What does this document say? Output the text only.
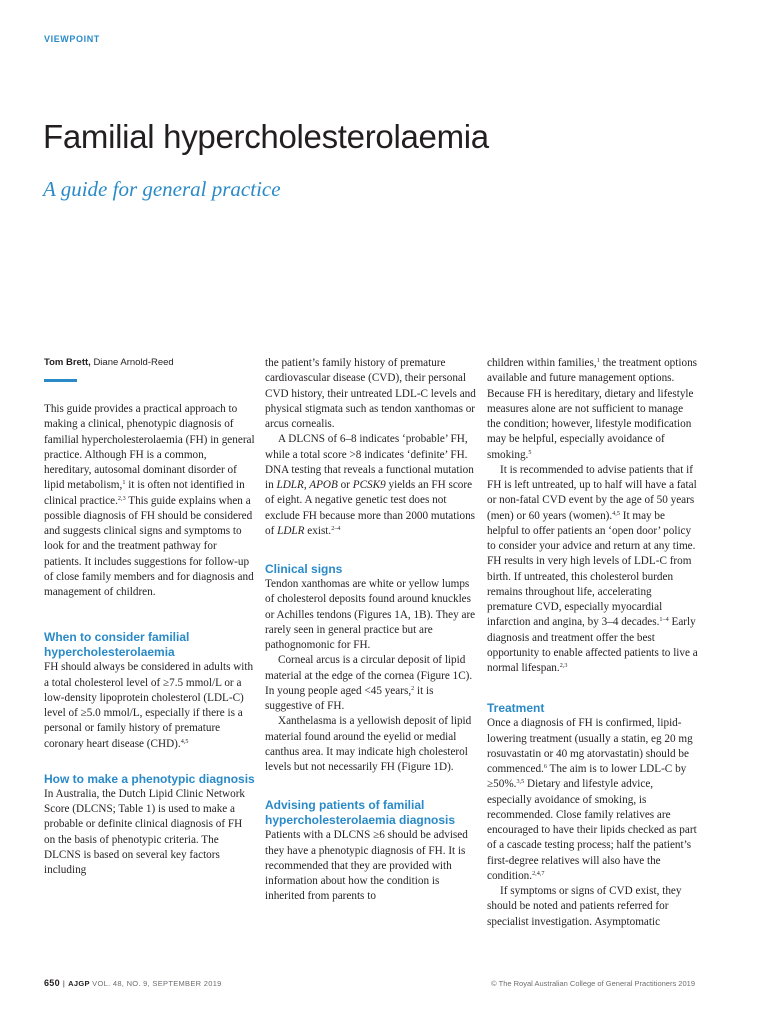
VIEWPOINT
Familial hypercholesterolaemia
A guide for general practice
Tom Brett, Diane Arnold-Reed

This guide provides a practical approach to making a clinical, phenotypic diagnosis of familial hypercholesterolaemia (FH) in general practice. Although FH is a common, hereditary, autosomal dominant disorder of lipid metabolism,$^1$ it is often not identified in clinical practice.$^{2,3}$ This guide explains when a possible diagnosis of FH should be considered and suggests clinical signs and symptoms to look for and the treatment pathway for patients. It includes suggestions for follow-up of close family members and for diagnosis and management of children.

When to consider familial hypercholesterolaemia

FH should always be considered in adults with a total cholesterol level of ≥7.5 mmol/L or a low-density lipoprotein cholesterol (LDL-C) level of ≥5.0 mmol/L, especially if there is a personal or family history of premature coronary heart disease (CHD).$^{4,5}$

How to make a phenotypic diagnosis

In Australia, the Dutch Lipid Clinic Network Score (DLCNS; Table 1) is used to make a probable or definite clinical diagnosis of FH on the basis of phenotypic criteria. The DLCNS is based on several key factors including

the patient’s family history of premature cardiovascular disease (CVD), their personal CVD history, their untreated LDL-C levels and physical stigmata such as tendon xanthomas or arcus cornealis.

A DLCNS of 6–8 indicates ‘probable’ FH, while a total score >8 indicates ‘definite’ FH. DNA testing that reveals a functional mutation in LDLR, APOB or PCSK9 yields an FH score of eight. A negative genetic test does not exclude FH because more than 2000 mutations of LDLR exist.$^{2-4}$

Clinical signs

Tendon xanthomas are white or yellow lumps of cholesterol deposits found around knuckles or Achilles tendons (Figures 1A, 1B). They are rarely seen in general practice but are pathognomonic for FH.

Corneal arcus is a circular deposit of lipid material at the edge of the cornea (Figure 1C). In young people aged <45 years,$^2$ it is suggestive of FH.

Xanthelasma is a yellowish deposit of lipid material found around the eyelid or medial canthus area. It may indicate high cholesterol levels but not necessarily FH (Figure 1D).

Advising patients of familial hypercholesterolaemia diagnosis

Patients with a DLCNS ≥6 should be advised they have a phenotypic diagnosis of FH. It is recommended that they are provided with information about how the condition is inherited from parents to

children within families,$^1$ the treatment options available and future management options. Because FH is hereditary, dietary and lifestyle measures alone are not sufficient to manage the condition; however, lifestyle modification may be helpful, especially avoidance of smoking.$^5$

It is recommended to advise patients that if FH is left untreated, up to half will have a fatal or non-fatal CVD event by the age of 50 years (men) or 60 years (women).$^{4,5}$ It may be helpful to offer patients an ‘open door’ policy to consider your advice and return at any time. FH results in very high levels of LDL-C from birth. If untreated, this cholesterol burden remains throughout life, accelerating premature CVD, especially myocardial infarction and angina, by 3–4 decades.$^{1-4}$ Early diagnosis and treatment offer the best opportunity to enable affected patients to live a normal lifespan.$^{2,3}$

Treatment

Once a diagnosis of FH is confirmed, lipid-lowering treatment (usually a statin, eg 20 mg rosuvastatin or 40 mg atorvastatin) should be commenced.$^6$ The aim is to lower LDL-C by ≥50%.$^{3,5}$ Dietary and lifestyle advice, especially avoidance of smoking, is recommended. Close family relatives are encouraged to have their lipids checked as part of a cascade testing process; half the patient’s first-degree relatives will also have the condition.$^{2,4,7}$

If symptoms or signs of CVD exist, they should be noted and patients referred for specialist investigation. Asymptomatic

650 | AJGP VOL. 48, NO. 9, SEPTEMBER 2019	© The Royal Australian College of General Practitioners 2019
